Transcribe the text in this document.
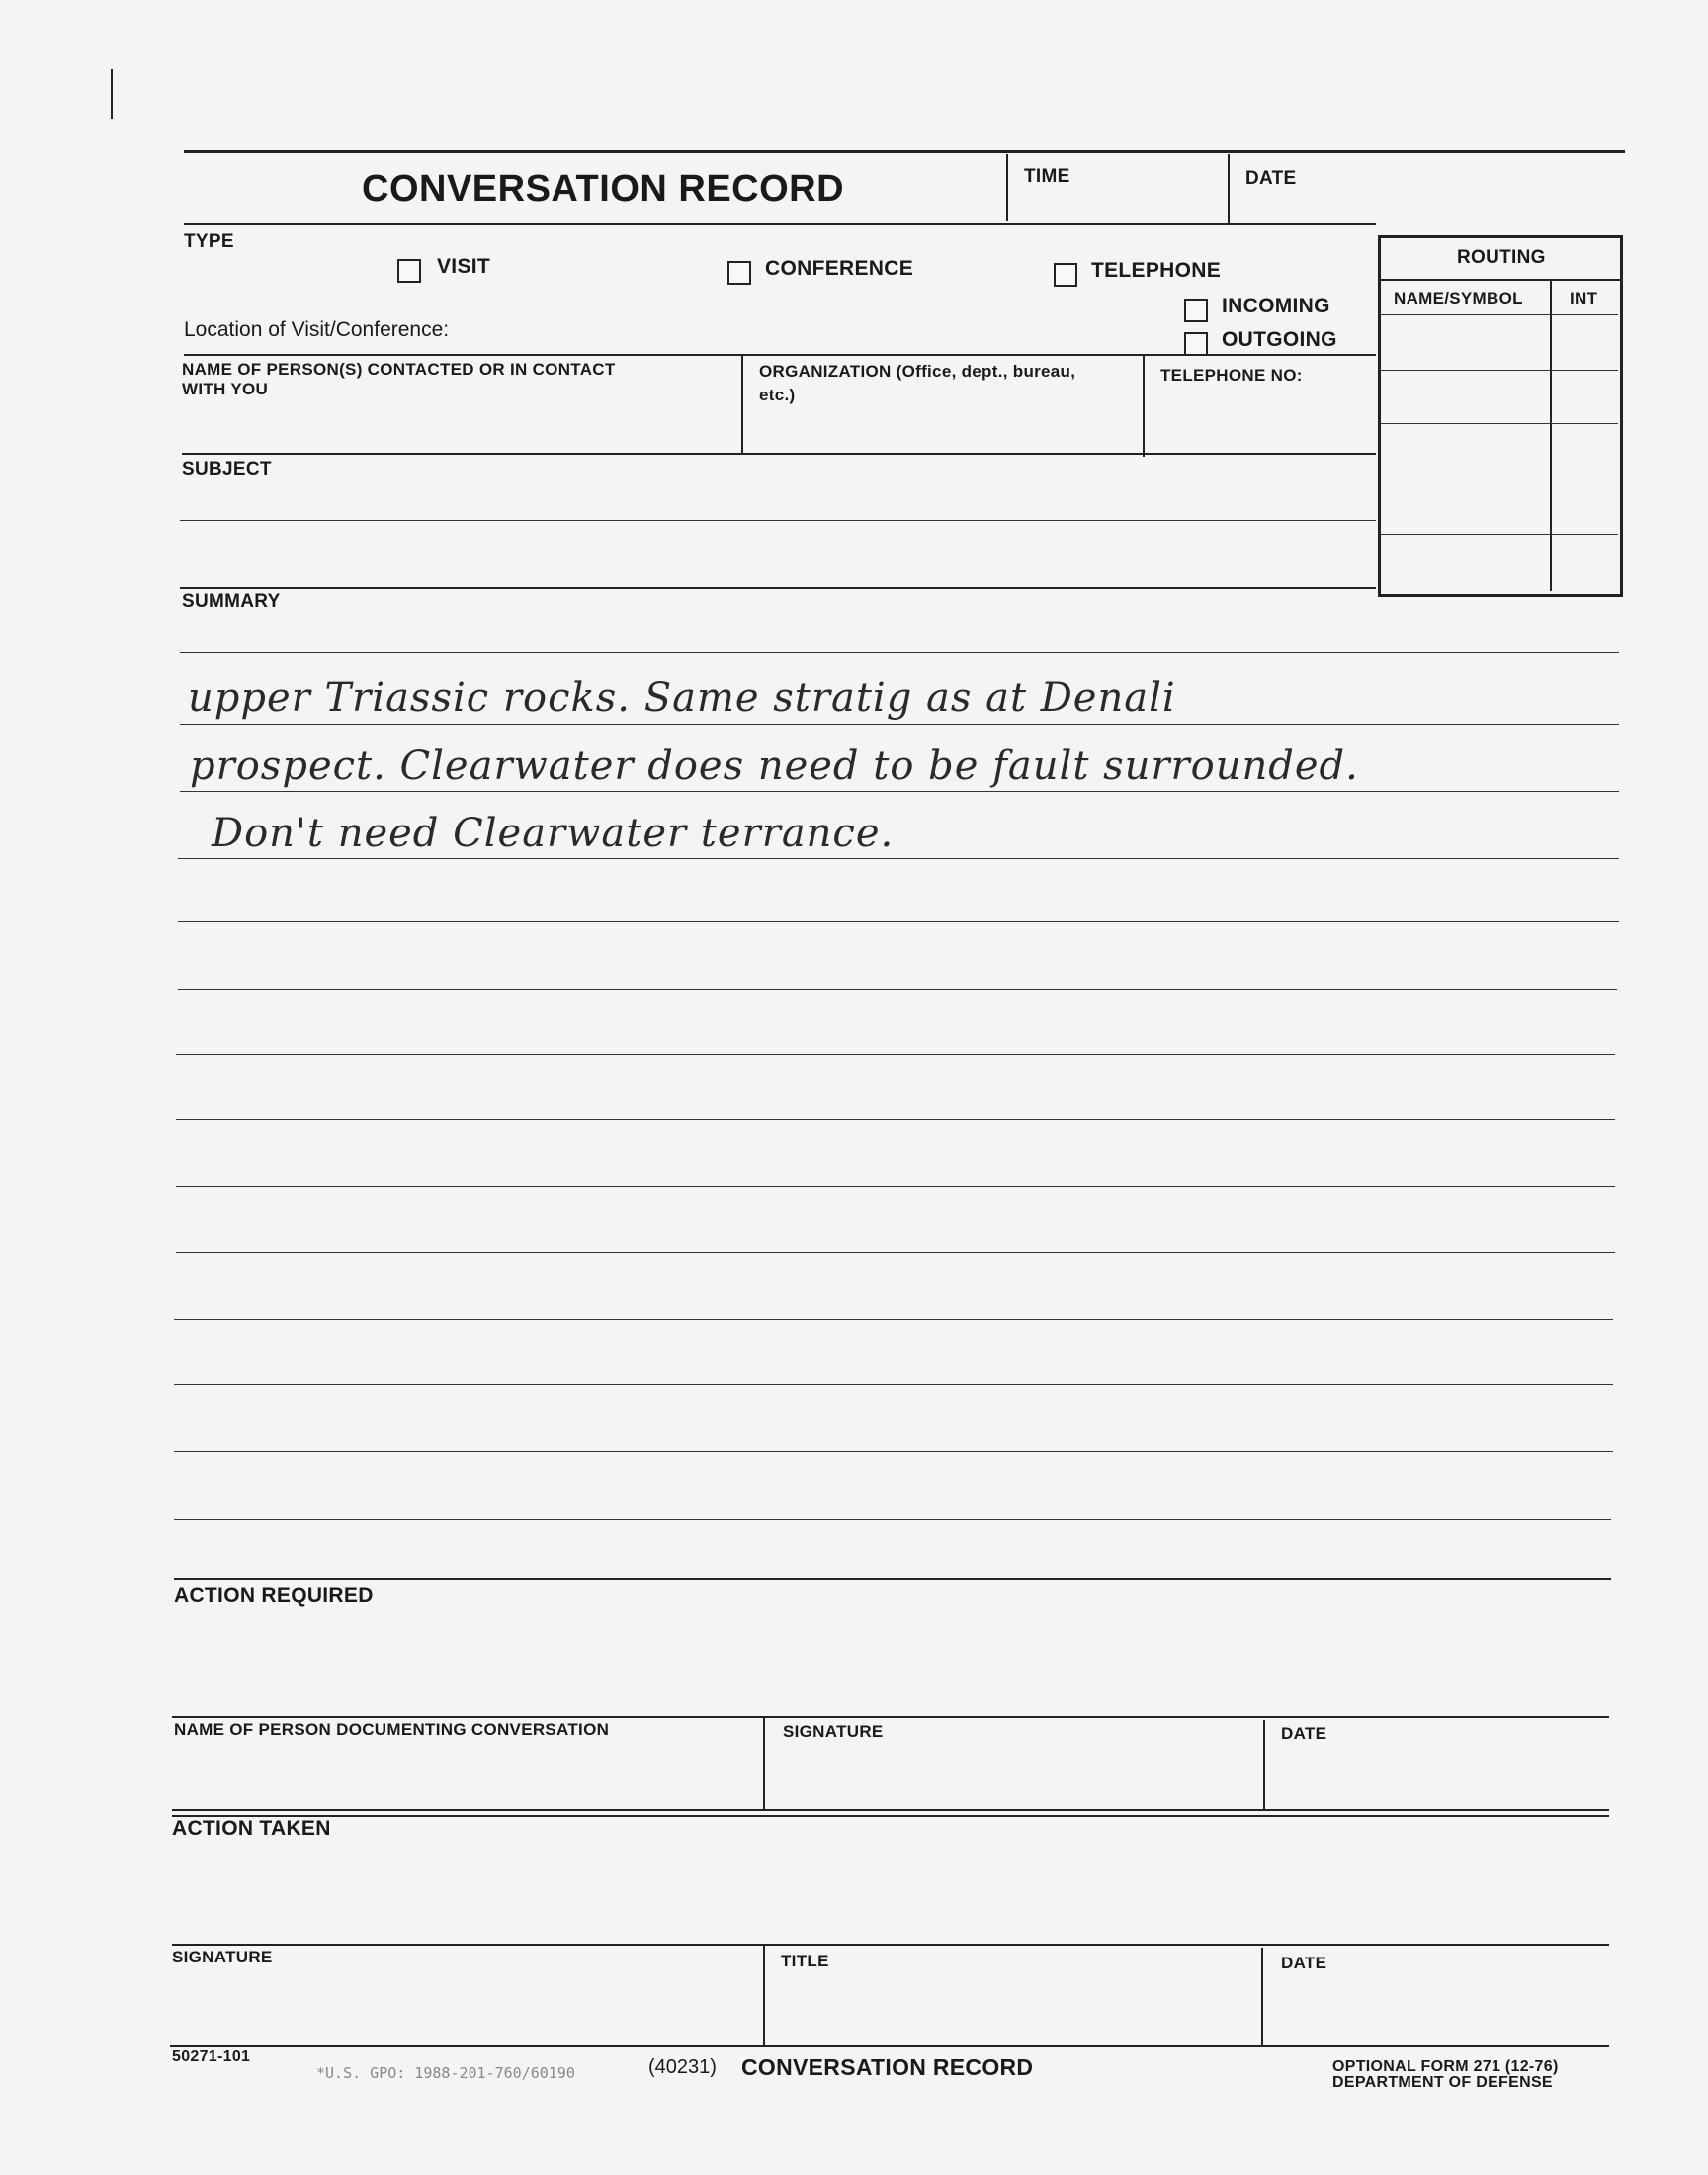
CONVERSATION RECORD	TIME	DATE
TYPE
VISIT	CONFERENCE	TELEPHONE
INCOMING
OUTGOING
Location of Visit/Conference:
ROUTING
NAME/SYMBOL	INT
NAME OF PERSON(S) CONTACTED OR IN CONTACT
WITH YOU
ORGANIZATION (Office, dept., bureau,
etc.)
TELEPHONE NO:
SUBJECT
SUMMARY
upper Triassic rocks. Same stratig as at Denali
prospect. Clearwater does need to be fault surrounded.
Don't need Clearwater terrance.
ACTION REQUIRED
NAME OF PERSON DOCUMENTING CONVERSATION	SIGNATURE	DATE
ACTION TAKEN
SIGNATURE	TITLE	DATE
50271-101
*U.S. GPO: 1988-201-760/60190	(40231) CONVERSATION RECORD	OPTIONAL FORM 271 (12-76)
DEPARTMENT OF DEFENSE
